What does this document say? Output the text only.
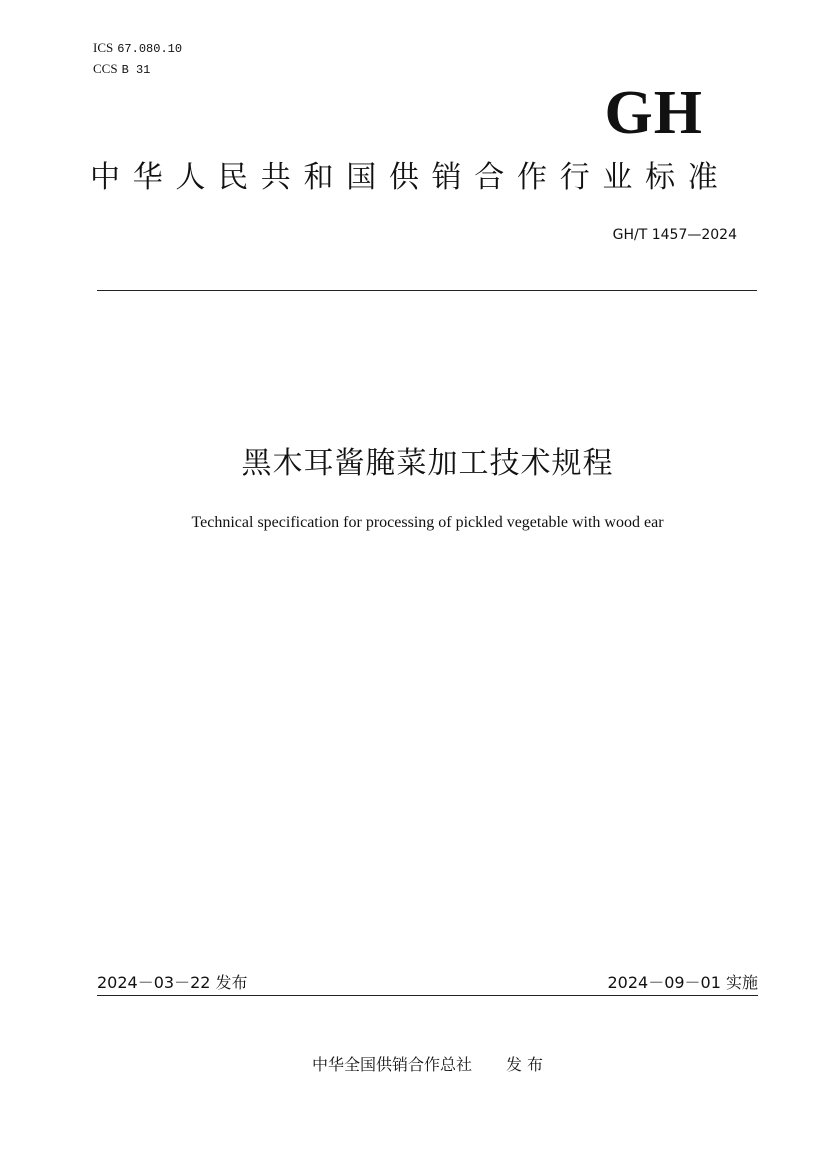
ICS 67.080.10
CCS B 31
GH
中华人民共和国供销合作行业标准
GH/T 1457—2024
黑木耳酱腌菜加工技术规程
Technical specification for processing of pickled vegetable with wood ear
2024－03－22 发布	2024－09－01 实施
中华全国供销合作总社 发 布
